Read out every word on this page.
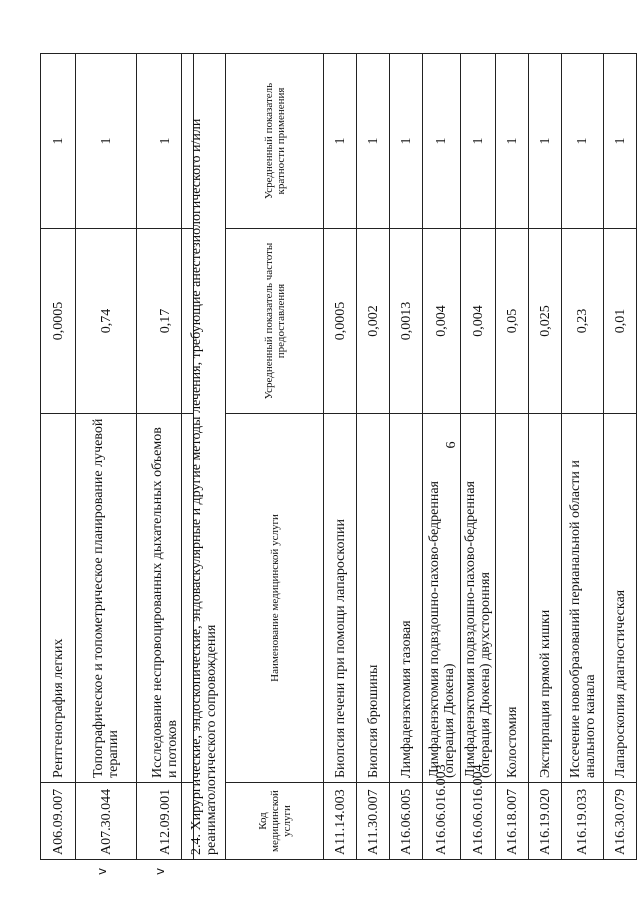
6
A06.09.007	Рентгенография легких	0,0005	1
A07.30.044	Топографическое и топометрическое планирование лучевой терапии	0,74	1
A12.09.001	Исследование неспровоцированных дыхательных объемов и потоков	0,17	1 2.4. Хирургические, эндоскопические, эндоваскулярные и другие методы лечения, требующие анестезиологического и/или реаниматологического сопровождения			
Код медицинской услуги	Наименование медицинской услуги	Усредненный показатель частоты предоставления	Усредненный показатель кратности применения
A11.14.003	Биопсия печени при помощи лапароскопии	0,0005	1
A11.30.007	Биопсия брюшины	0,002	1
A16.06.005	Лимфаденэктомия тазовая	0,0013	1
A16.06.016.003	Лимфаденэктомия подвздошно-пахово-бедренная (операция Дюкена)	0,004	1
A16.06.016.004	Лимфаденэктомия подвздошно-пахово-бедренная (операция Дюкена) двухсторонняя	0,004	1
A16.18.007	Колостомия	0,05	1
A16.19.020	Экстирпация прямой кишки	0,025	1
A16.19.033	Иссечение новообразований перианальной области и анального канала	0,23	1
A16.30.079	Лапароскопия диагностическая	0,01	1
v	v
